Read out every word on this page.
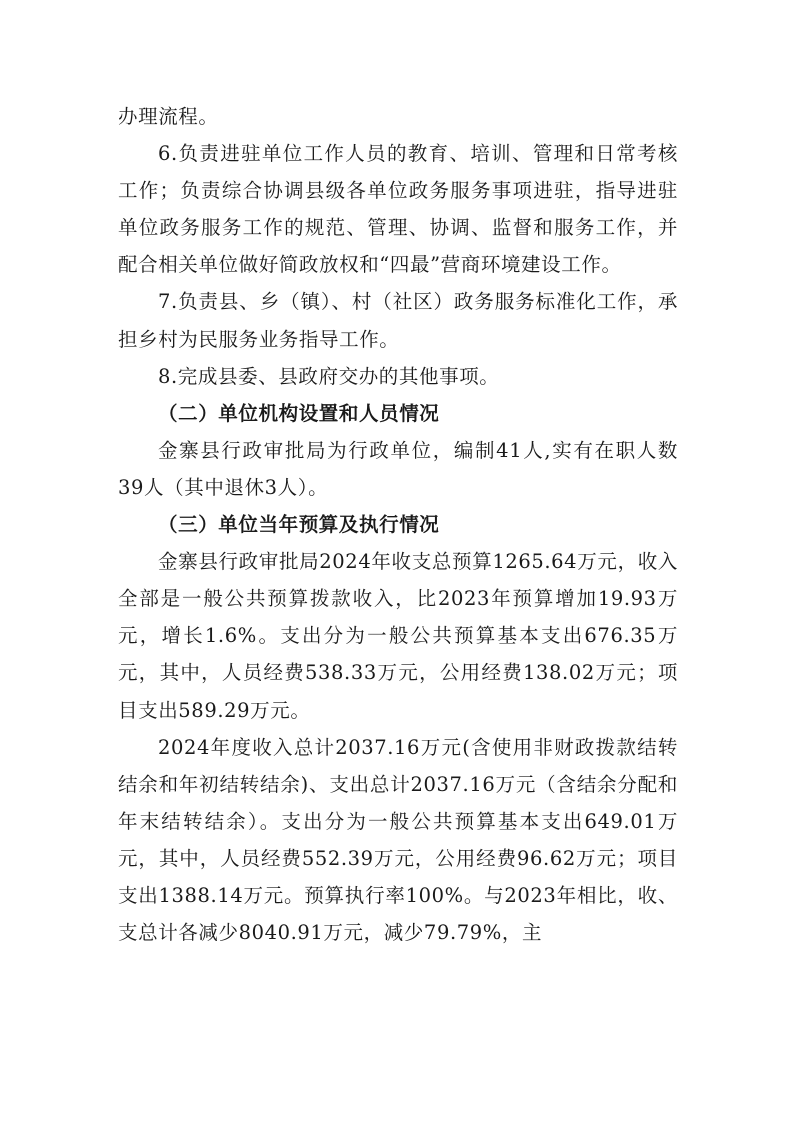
办理流程。

6.负责进驻单位工作人员的教育、培训、管理和日常考核工作；负责综合协调县级各单位政务服务事项进驻，指导进驻单位政务服务工作的规范、管理、协调、监督和服务工作，并配合相关单位做好简政放权和“四最”营商环境建设工作。

7.负责县、乡（镇）、村（社区）政务服务标准化工作，承担乡村为民服务业务指导工作。

8.完成县委、县政府交办的其他事项。

（二）单位机构设置和人员情况

金寨县行政审批局为行政单位，编制41人,实有在职人数39人（其中退休3人）。

（三）单位当年预算及执行情况

金寨县行政审批局2024年收支总预算1265.64万元，收入全部是一般公共预算拨款收入，比2023年预算增加19.93万元，增长1.6%。支出分为一般公共预算基本支出676.35万元，其中，人员经费538.33万元，公用经费138.02万元；项目支出589.29万元。

2024年度收入总计2037.16万元(含使用非财政拨款结转结余和年初结转结余)、支出总计2037.16万元（含结余分配和年末结转结余）。支出分为一般公共预算基本支出649.01万元，其中，人员经费552.39万元，公用经费96.62万元；项目支出1388.14万元。预算执行率100%。与2023年相比，收、支总计各减少8040.91万元，减少79.79%，主
